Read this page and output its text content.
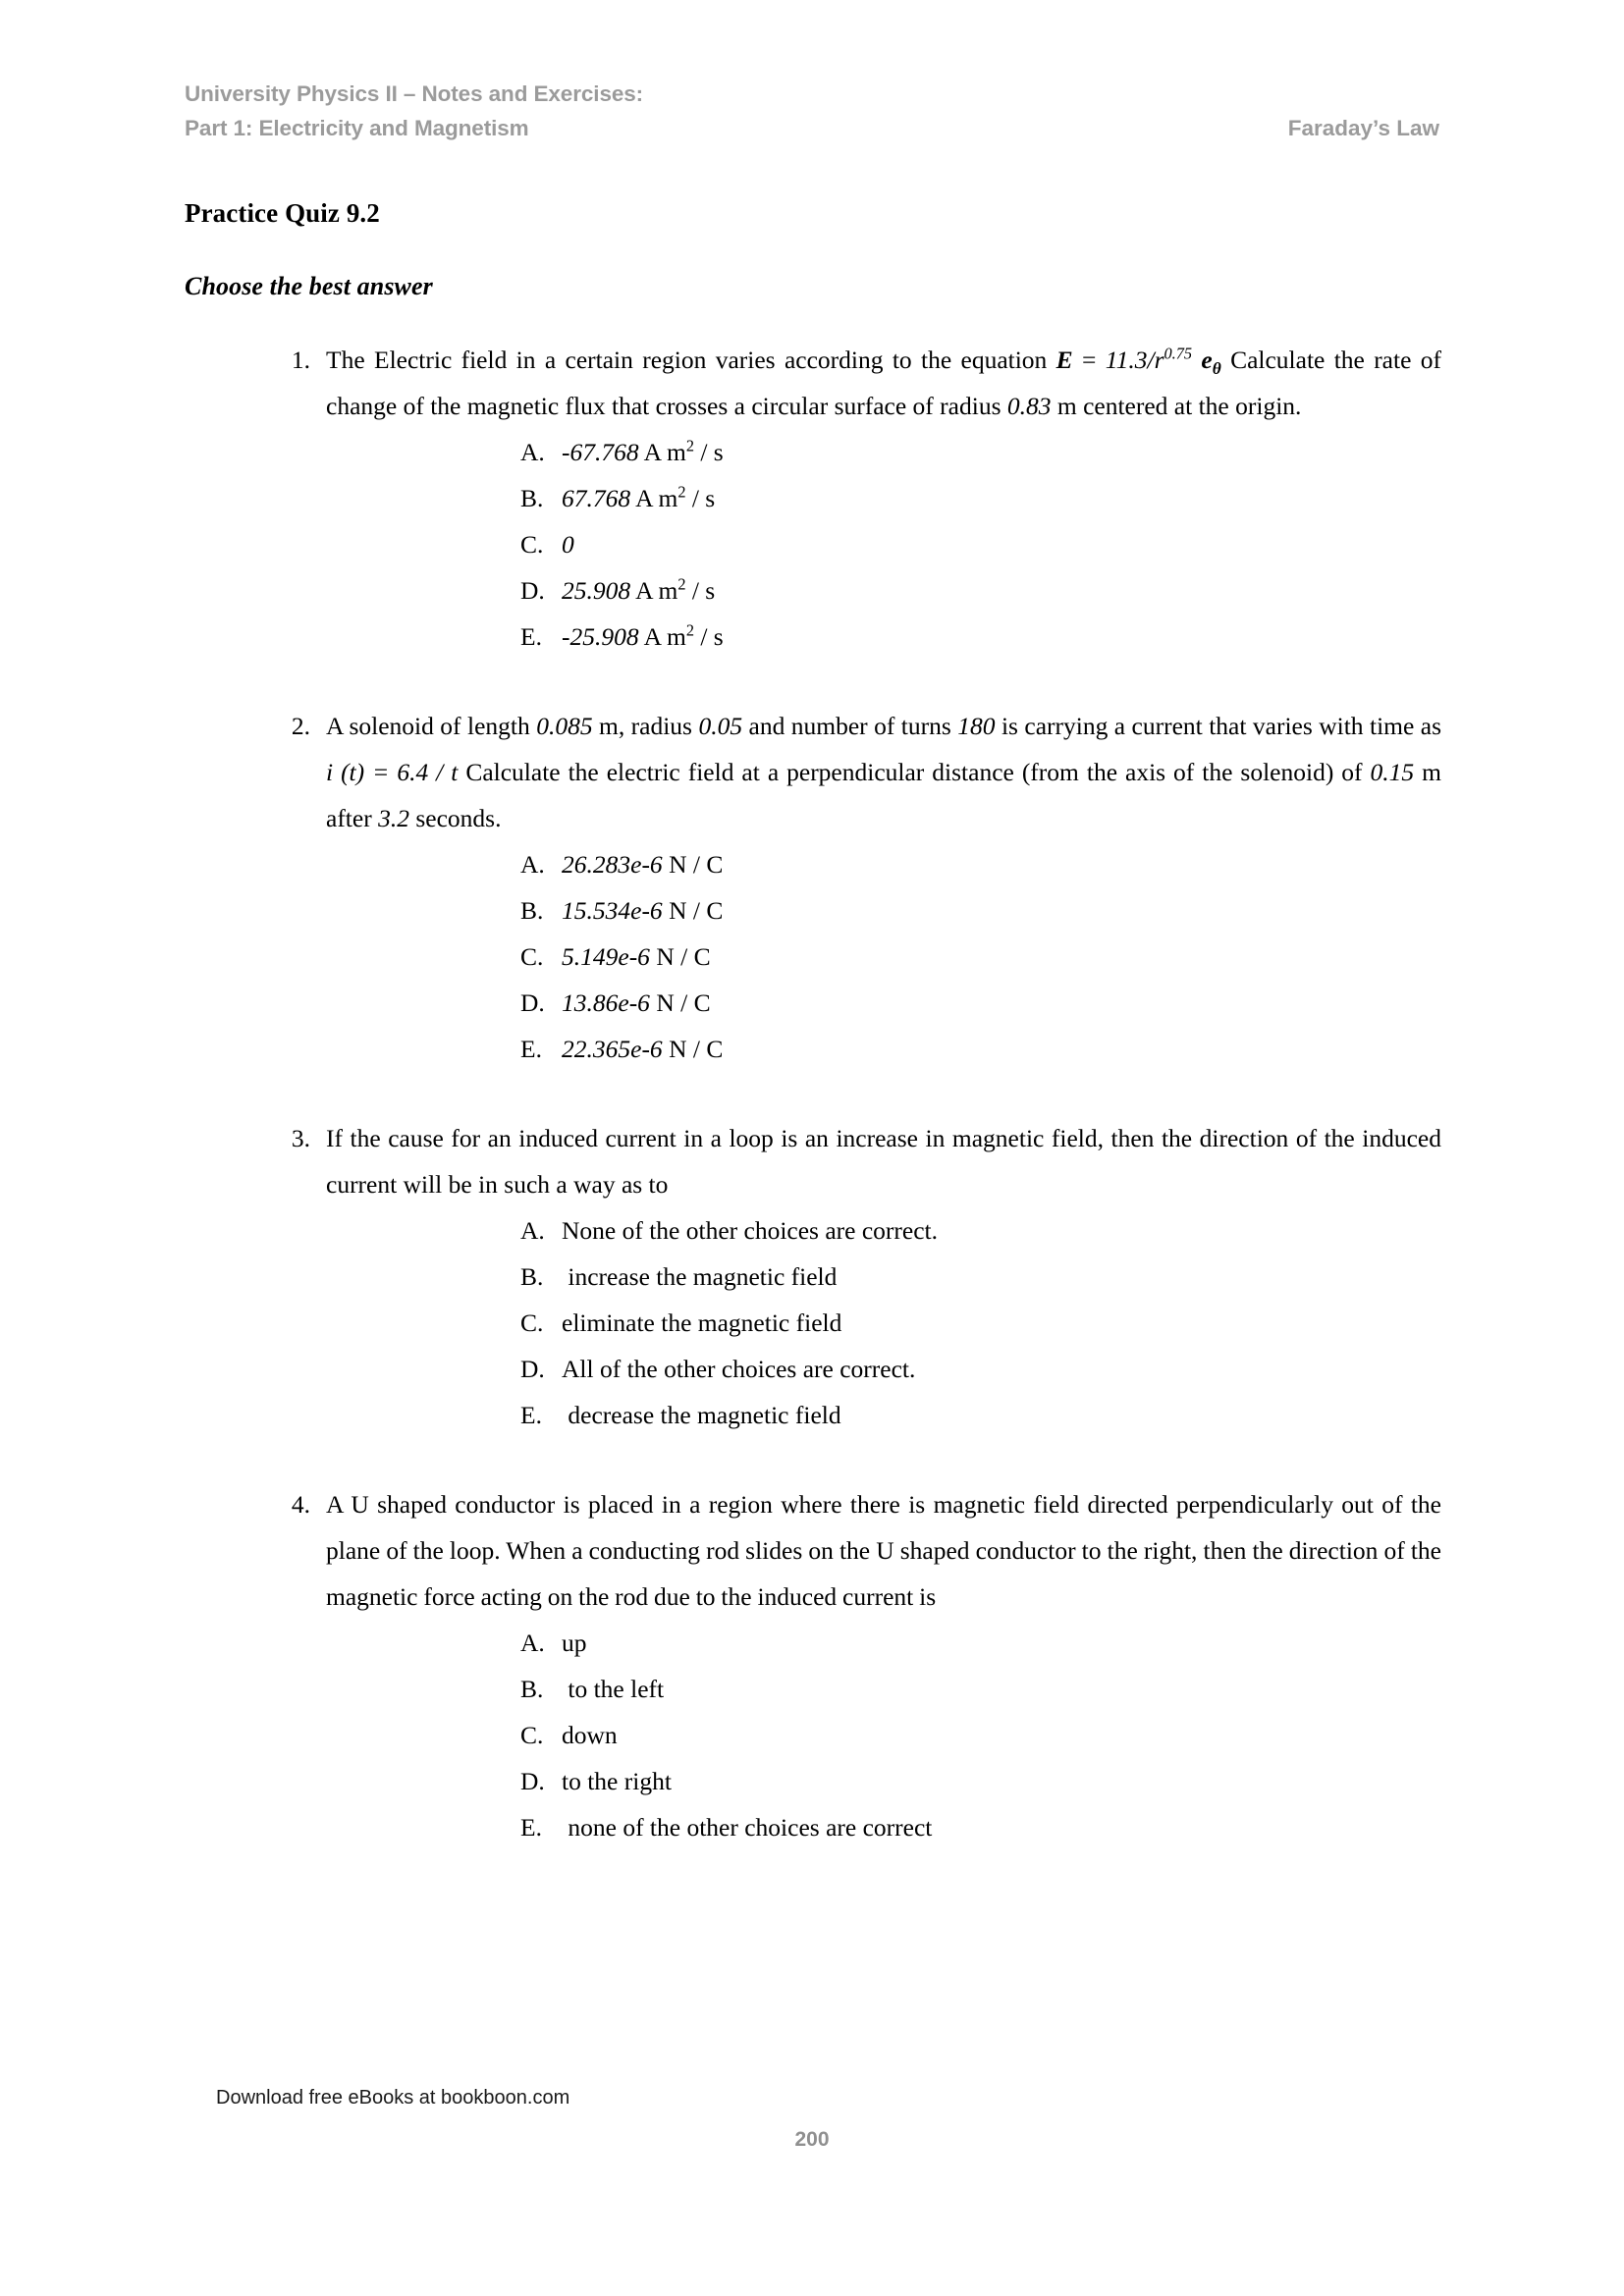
University Physics II – Notes and Exercises:
Part 1: Electricity and Magnetism	Faraday’s Law
Practice Quiz 9.2
Choose the best answer
1. The Electric field in a certain region varies according to the equation $E = 11.3/r^{0.75}$ $e_\theta$ Calculate the rate of change of the magnetic flux that crosses a circular surface of radius 0.83 m centered at the origin.
A. -67.768 A $m^2$ / s
B. 67.768 A $m^2$ / s
C. 0
D. 25.908 A $m^2$ / s
E. -25.908 A $m^2$ / s
2. A solenoid of length 0.085 m, radius 0.05 and number of turns 180 is carrying a current that varies with time as i (t) = 6.4 / t Calculate the electric field at a perpendicular distance (from the axis of the solenoid) of 0.15 m after 3.2 seconds.
A. 26.283e-6 N / C
B. 15.534e-6 N / C
C. 5.149e-6 N / C
D. 13.86e-6 N / C
E. 22.365e-6 N / C
3. If the cause for an induced current in a loop is an increase in magnetic field, then the direction of the induced current will be in such a way as to
A. None of the other choices are correct.
B. increase the magnetic field
C. eliminate the magnetic field
D. All of the other choices are correct.
E. decrease the magnetic field
4. A U shaped conductor is placed in a region where there is magnetic field directed perpendicularly out of the plane of the loop. When a conducting rod slides on the U shaped conductor to the right, then the direction of the magnetic force acting on the rod due to the induced current is
A. up
B. to the left
C. down
D. to the right
E. none of the other choices are correct
Download free eBooks at bookboon.com
200
